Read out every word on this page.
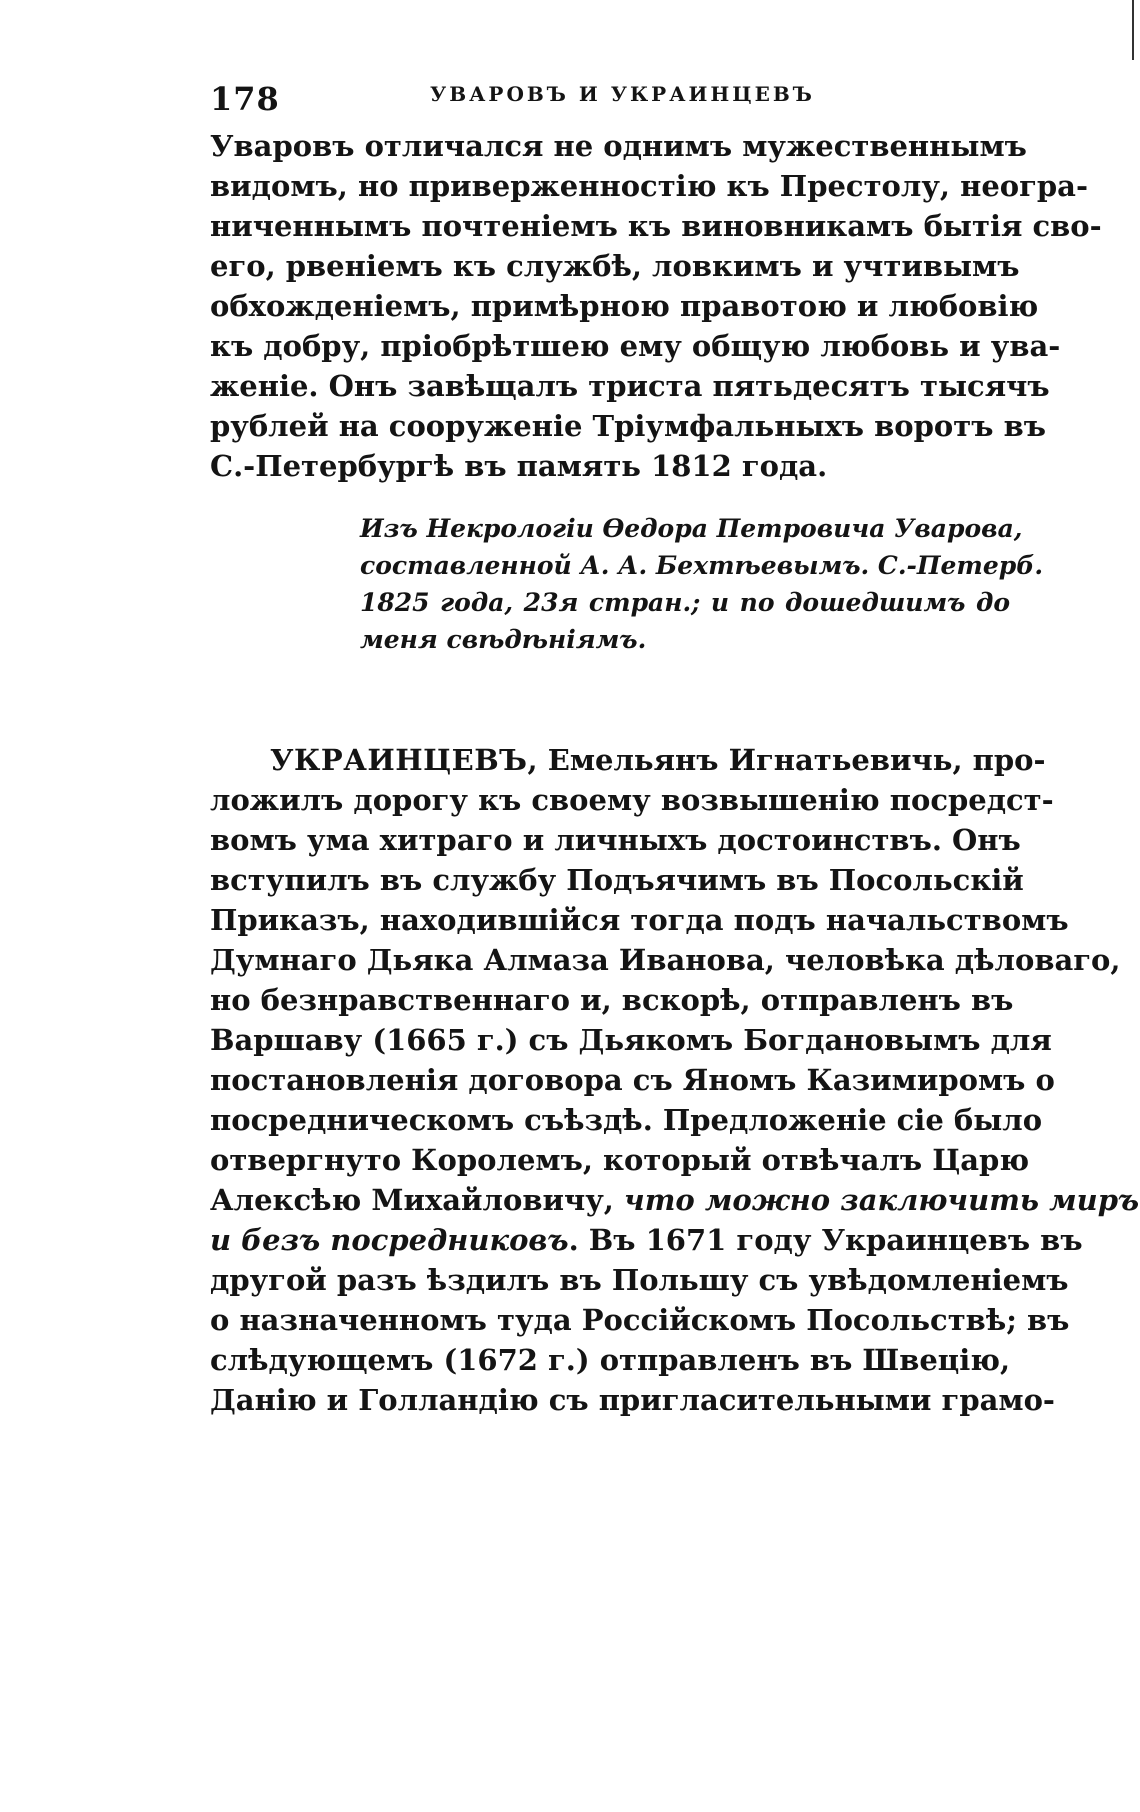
178	УВАРОВЪ И УКРАИНЦЕВЪ
Уваровъ отличался не однимъ мужественнымъ
видомъ, но приверженностію къ Престолу, неогра-
ниченнымъ почтеніемъ къ виновникамъ бытія сво-
его, рвеніемъ къ службѣ, ловкимъ и учтивымъ
обхожденіемъ, примѣрною правотою и любовію
къ добру, пріобрѣтшею ему общую любовь и ува-
женіе. Онъ завѣщалъ триста пятьдесятъ тысячъ
рублей на сооруженіе Тріумфальныхъ воротъ въ
С.-Петербургѣ въ память 1812 года.
Изъ Некрологіи Ѳедора Петровича Уварова,
составленной А. А. Бехтѣевымъ. С.-Петерб.
1825 года, 23я стран.; и по дошедшимъ до
меня свѣдѣніямъ.
УКРАИНЦЕВЪ, Емельянъ Игнатьевичь, про-
ложилъ дорогу къ своему возвышенію посредст-
вомъ ума хитраго и личныхъ достоинствъ. Онъ
вступилъ въ службу Подъячимъ въ Посольскій
Приказъ, находившійся тогда подъ начальствомъ
Думнаго Дьяка Алмаза Иванова, человѣка дѣловаго,
но безнравственнаго и, вскорѣ, отправленъ въ
Варшаву (1665 г.) съ Дьякомъ Богдановымъ для
постановленія договора съ Яномъ Казимиромъ о
посредническомъ съѣздѣ. Предложеніе сіе было
отвергнуто Королемъ, который отвѣчалъ Царю
Алексѣю Михайловичу, что можно заключить миръ
и безъ посредниковъ. Въ 1671 году Украинцевъ въ
другой разъ ѣздилъ въ Польшу съ увѣдомленіемъ
о назначенномъ туда Россійскомъ Посольствѣ; въ
слѣдующемъ (1672 г.) отправленъ въ Швецію,
Данію и Голландію съ пригласительными грамо-
